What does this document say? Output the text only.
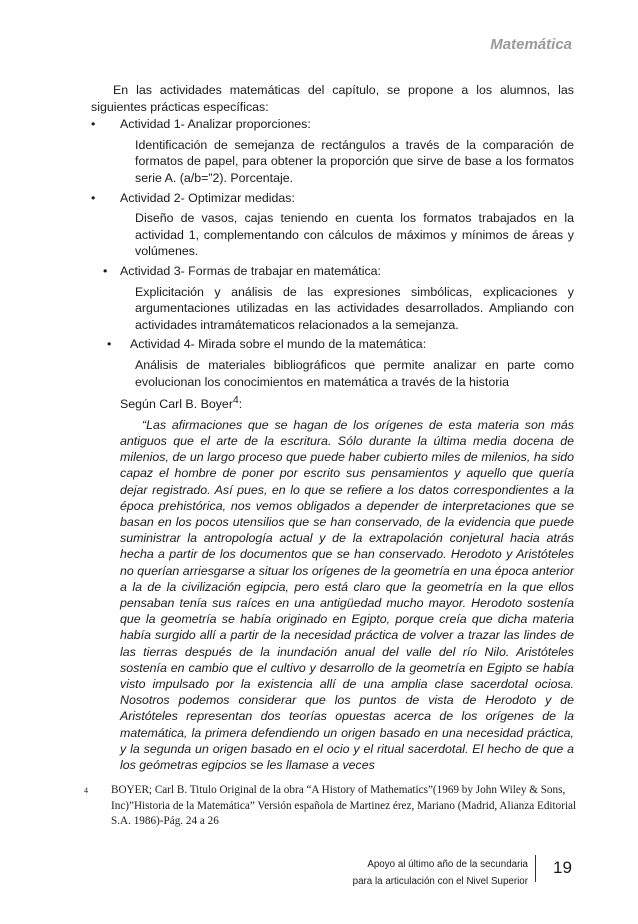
Matemática

En las actividades matemáticas del capítulo, se propone a los alumnos, las siguientes prácticas específicas:

•	Actividad 1- Analizar proporciones:

Identificación de semejanza de rectángulos a través de la comparación de formatos de papel, para obtener la proporción que sirve de base a los formatos serie A. (a/b=”2). Porcentaje.

•	Actividad 2- Optimizar medidas:

Diseño de vasos, cajas teniendo en cuenta los formatos trabajados en la actividad 1, complementando con cálculos de máximos y mínimos de áreas y volúmenes.

•	Actividad 3- Formas de trabajar en matemática:

Explicitación y análisis de las expresiones simbólicas, explicaciones y argumentaciones utilizadas en las actividades desarrollados. Ampliando con actividades intramátematicos relacionados a la semejanza.

•	Actividad 4- Mirada sobre el mundo de la matemática:

Análisis de materiales bibliográficos que permite analizar en parte como evolucionan los conocimientos en matemática a través de la historia

Según Carl B. Boyer$^4$:

“Las afirmaciones que se hagan de los orígenes de esta materia son más antiguos que el arte de la escritura. Sólo durante la última media docena de milenios, de un largo proceso que puede haber cubierto miles de milenios, ha sido capaz el hombre de poner por escrito sus pensamientos y aquello que quería dejar registrado. Así pues, en lo que se refiere a los datos correspondientes a la época prehistórica, nos vemos obligados a depender de interpretaciones que se basan en los pocos utensilios que se han conservado, de la evidencia que puede suministrar la antropología actual y de la extrapolación conjetural hacia atrás hecha a partir de los documentos que se han conservado. Herodoto y Aristóteles no querían arriesgarse a situar los orígenes de la geometría en una época anterior a la de la civilización egipcia, pero está claro que la geometría en la que ellos pensaban tenía sus raíces en una antigüedad mucho mayor. Herodoto sostenía que la geometría se había originado en Egipto, porque creía que dicha materia había surgido allí a partir de la necesidad práctica de volver a trazar las lindes de las tierras después de la inundación anual del valle del río Nilo. Aristóteles sostenía en cambio que el cultivo y desarrollo de la geometría en Egipto se había visto impulsado por la existencia allí de una amplia clase sacerdotal ociosa. Nosotros podemos considerar que los puntos de vista de Herodoto y de Aristóteles representan dos teorías opuestas acerca de los orígenes de la matemática, la primera defendiendo un origen basado en una necesidad práctica, y la segunda un origen basado en el ocio y el ritual sacerdotal. El hecho de que a los geómetras egipcios se les llamase a veces

4	BOYER; Carl B. Titulo Original de la obra “A History of Mathematics”(1969 by John Wiley & Sons, Inc)”Historia de la Matemática” Versión española de Martinez érez, Mariano (Madrid, Alianza Editorial S.A. 1986)-Pág. 24 a 26

Apoyo al último año de la secundaria
para la articulación con el Nivel Superior
19
